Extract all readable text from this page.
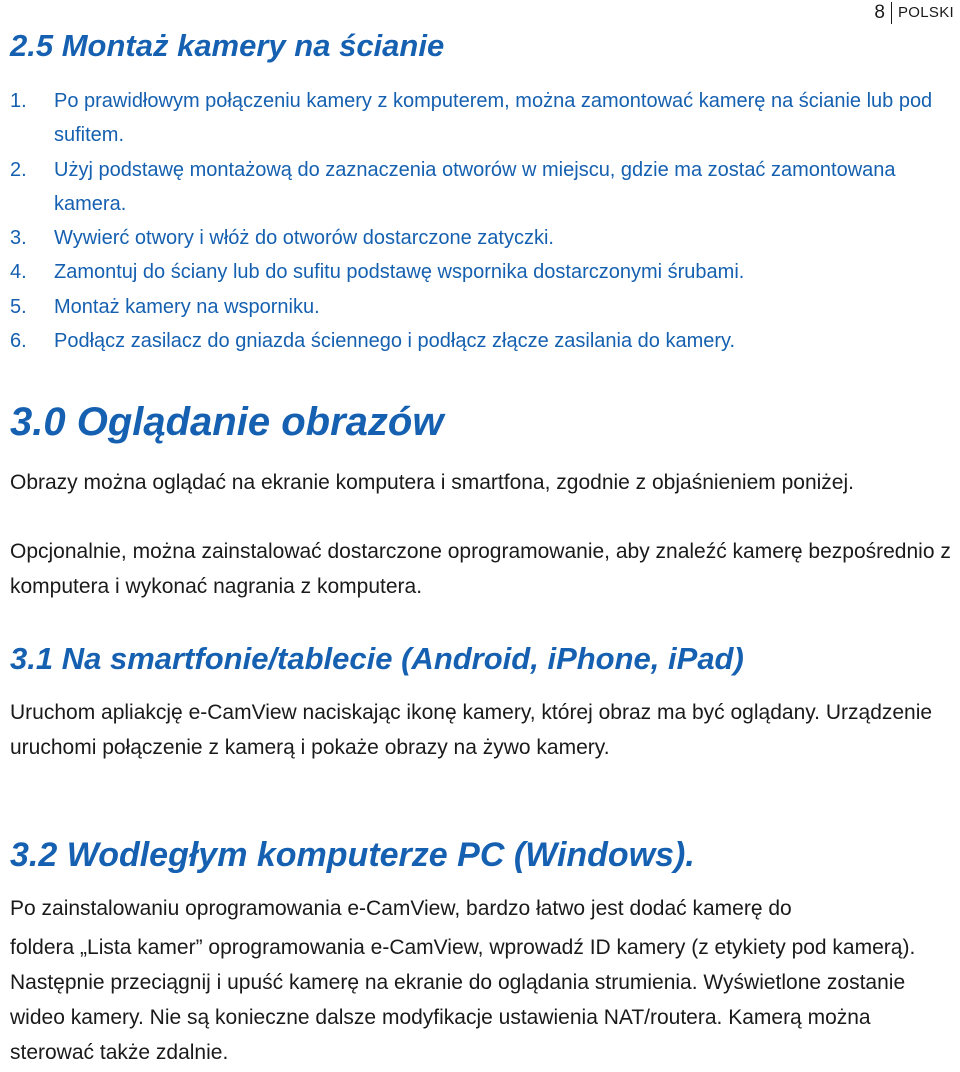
8 POLSKI
2.5 Montaż kamery na ścianie
1.	Po prawidłowym połączeniu kamery z komputerem, można zamontować kamerę na ścianie lub pod sufitem.
2.	Użyj podstawę montażową do zaznaczenia otworów w miejscu, gdzie ma zostać zamontowana kamera.
3.	Wywierć otwory i włóż do otworów dostarczone zatyczki.
4.	Zamontuj do ściany lub do sufitu podstawę wspornika dostarczonymi śrubami.
5.	Montaż kamery na wsporniku.
6.	Podłącz zasilacz do gniazda ściennego i podłącz złącze zasilania do kamery.
3.0 Oglądanie obrazów

Obrazy można oglądać na ekranie komputera i smartfona, zgodnie z objaśnieniem poniżej.

Opcjonalnie, można zainstalować dostarczone oprogramowanie, aby znaleźć kamerę bezpośrednio z komputera i wykonać nagrania z komputera.

3.1 Na smartfonie/tablecie (Android, iPhone, iPad)

Uruchom apliakcję e-CamView naciskając ikonę kamery, której obraz ma być oglądany. Urządzenie uruchomi połączenie z kamerą i pokaże obrazy na żywo kamery.

3.2 Wodległym komputerze PC (Windows).

Po zainstalowaniu oprogramowania e-CamView, bardzo łatwo jest dodać kamerę do

foldera „Lista kamer” oprogramowania e-CamView, wprowadź ID kamery (z etykiety pod kamerą). Następnie przeciągnij i upuść kamerę na ekranie do oglądania strumienia. Wyświetlone zostanie wideo kamery. Nie są konieczne dalsze modyfikacje ustawienia NAT/routera. Kamerą można sterować także zdalnie.
